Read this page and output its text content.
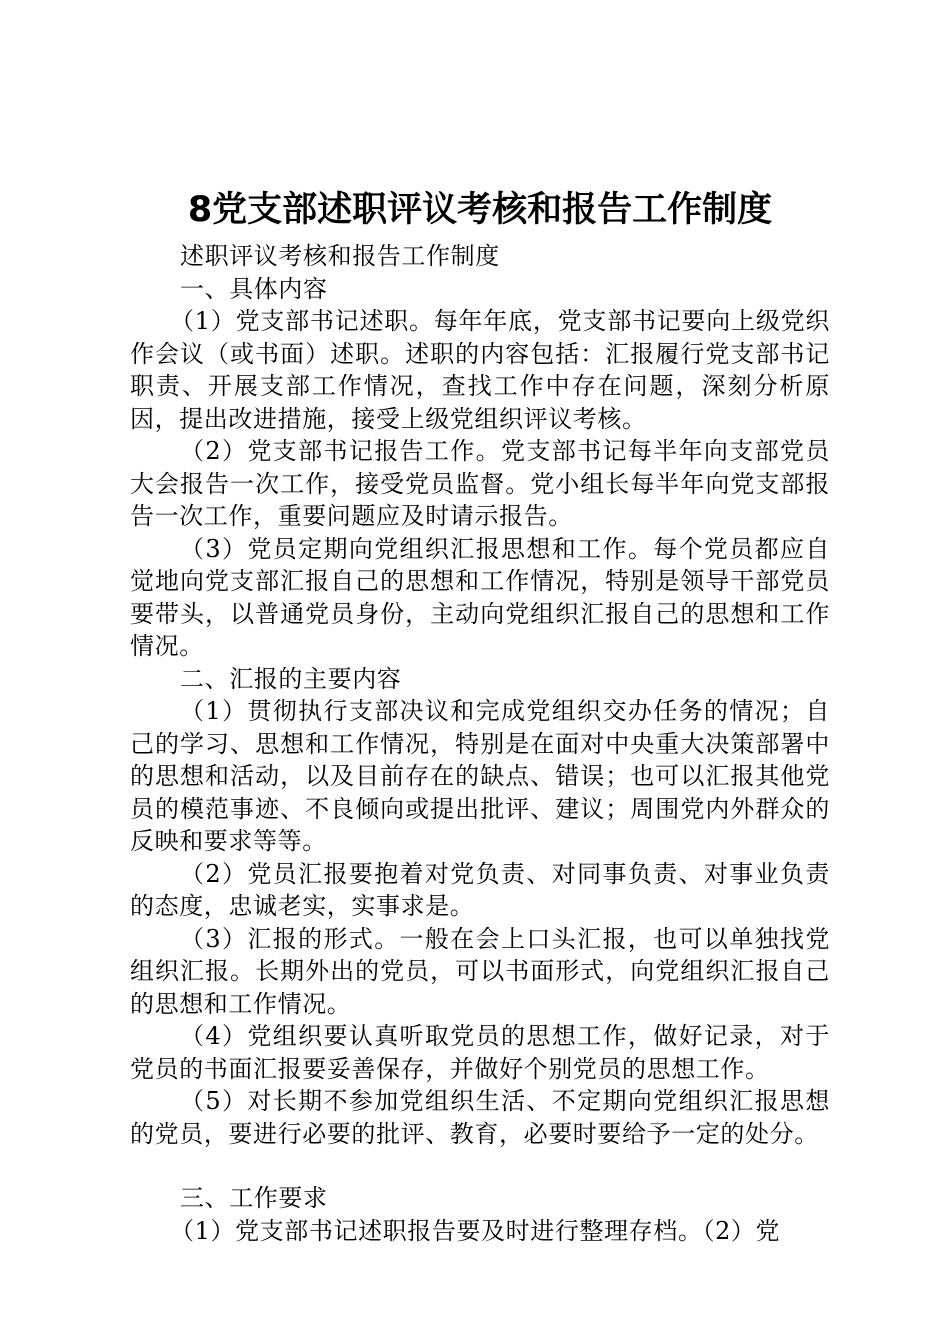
8党支部述职评议考核和报告工作制度

述职评议考核和报告工作制度

一、具体内容

（1）党支部书记述职。每年年底，党支部书记要向上级党织作会议（或书面）述职。述职的内容包括：汇报履行党支部书记职责、开展支部工作情况，查找工作中存在问题，深刻分析原因，提出改进措施，接受上级党组织评议考核。

（2）党支部书记报告工作。党支部书记每半年向支部党员大会报告一次工作，接受党员监督。党小组长每半年向党支部报告一次工作，重要问题应及时请示报告。

（3）党员定期向党组织汇报思想和工作。每个党员都应自觉地向党支部汇报自己的思想和工作情况，特别是领导干部党员要带头，以普通党员身份，主动向党组织汇报自己的思想和工作情况。

二、汇报的主要内容

（1）贯彻执行支部决议和完成党组织交办任务的情况；自己的学习、思想和工作情况，特别是在面对中央重大决策部署中的思想和活动，以及目前存在的缺点、错误；也可以汇报其他党员的模范事迹、不良倾向或提出批评、建议；周围党内外群众的反映和要求等等。

（2）党员汇报要抱着对党负责、对同事负责、对事业负责的态度，忠诚老实，实事求是。

（3）汇报的形式。一般在会上口头汇报，也可以单独找党组织汇报。长期外出的党员，可以书面形式，向党组织汇报自己的思想和工作情况。

（4）党组织要认真听取党员的思想工作，做好记录，对于党员的书面汇报要妥善保存，并做好个别党员的思想工作。

（5）对长期不参加党组织生活、不定期向党组织汇报思想的党员，要进行必要的批评、教育，必要时要给予一定的处分。

三、工作要求

（1）党支部书记述职报告要及时进行整理存档。（2）党
